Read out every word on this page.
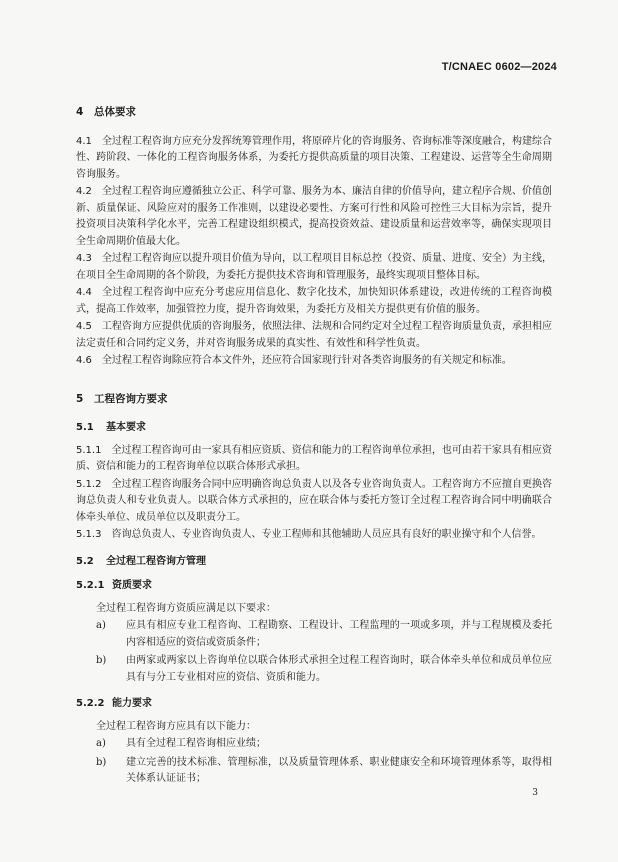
T/CNAEC 0602—2024
4 总体要求
4.1 全过程工程咨询方应充分发挥统筹管理作用，将原碎片化的咨询服务、咨询标准等深度融合，构建综合性、跨阶段、一体化的工程咨询服务体系，为委托方提供高质量的项目决策、工程建设、运营等全生命周期咨询服务。
4.2 全过程工程咨询应遵循独立公正、科学可靠、服务为本、廉洁自律的价值导向，建立程序合规、价值创新、质量保证、风险应对的服务工作准则，以建设必要性、方案可行性和风险可控性三大目标为宗旨，提升投资项目决策科学化水平，完善工程建设组织模式，提高投资效益、建设质量和运营效率等，确保实现项目全生命周期价值最大化。
4.3 全过程工程咨询应以提升项目价值为导向，以工程项目目标总控（投资、质量、进度、安全）为主线，在项目全生命周期的各个阶段，为委托方提供技术咨询和管理服务，最终实现项目整体目标。
4.4 全过程工程咨询中应充分考虑应用信息化、数字化技术，加快知识体系建设，改进传统的工程咨询模式，提高工作效率，加强管控力度，提升咨询效果，为委托方及相关方提供更有价值的服务。
4.5 工程咨询方应提供优质的咨询服务，依照法律、法规和合同约定对全过程工程咨询质量负责，承担相应法定责任和合同约定义务，并对咨询服务成果的真实性、有效性和科学性负责。
4.6 全过程工程咨询除应符合本文件外，还应符合国家现行针对各类咨询服务的有关规定和标准。
5 工程咨询方要求
5.1 基本要求
5.1.1 全过程工程咨询可由一家具有相应资质、资信和能力的工程咨询单位承担，也可由若干家具有相应资质、资信和能力的工程咨询单位以联合体形式承担。
5.1.2 全过程工程咨询服务合同中应明确咨询总负责人以及各专业咨询负责人。工程咨询方不应擅自更换咨询总负责人和专业负责人。以联合体方式承担的，应在联合体与委托方签订全过程工程咨询合同中明确联合体牵头单位、成员单位以及职责分工。
5.1.3 咨询总负责人、专业咨询负责人、专业工程师和其他辅助人员应具有良好的职业操守和个人信誉。
5.2 全过程工程咨询方管理
5.2.1 资质要求
全过程工程咨询方资质应满足以下要求：
a) 应具有相应专业工程咨询、工程勘察、工程设计、工程监理的一项或多项，并与工程规模及委托内容相适应的资信或资质条件；
b) 由两家或两家以上咨询单位以联合体形式承担全过程工程咨询时，联合体牵头单位和成员单位应具有与分工专业相对应的资信、资质和能力。
5.2.2 能力要求
全过程工程咨询方应具有以下能力：
a) 具有全过程工程咨询相应业绩；
b) 建立完善的技术标准、管理标准，以及质量管理体系、职业健康安全和环境管理体系等，取得相关体系认证证书；
3
